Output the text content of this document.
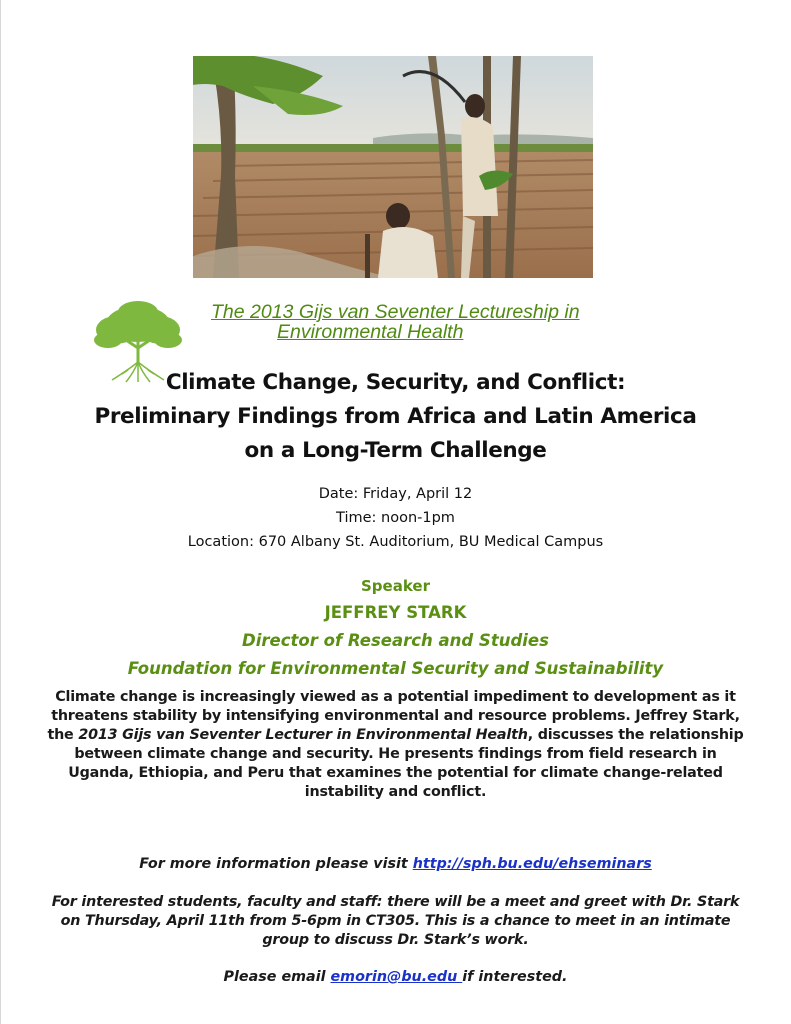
The 2013 Gijs van Seventer Lectureship in
Environmental Health
Climate Change, Security, and Conflict:
Preliminary Findings from Africa and Latin America
on a Long-Term Challenge
Date: Friday, April 12
Time: noon-1pm
Location: 670 Albany St. Auditorium, BU Medical Campus
Speaker
JEFFREY STARK
Director of Research and Studies
Foundation for Environmental Security and Sustainability
Climate change is increasingly viewed as a potential impediment to development as it threatens stability by intensifying environmental and resource problems. Jeffrey Stark, the 2013 Gijs van Seventer Lecturer in Environmental Health, discusses the relationship between climate change and security. He presents findings from field research in Uganda, Ethiopia, and Peru that examines the potential for climate change-related instability and conflict.
For more information please visit http://sph.bu.edu/ehseminars
For interested students, faculty and staff: there will be a meet and greet with Dr. Stark on Thursday, April 11th from 5-6pm in CT305. This is a chance to meet in an intimate group to discuss Dr. Stark’s work.
Please email emorin@bu.edu if interested.
